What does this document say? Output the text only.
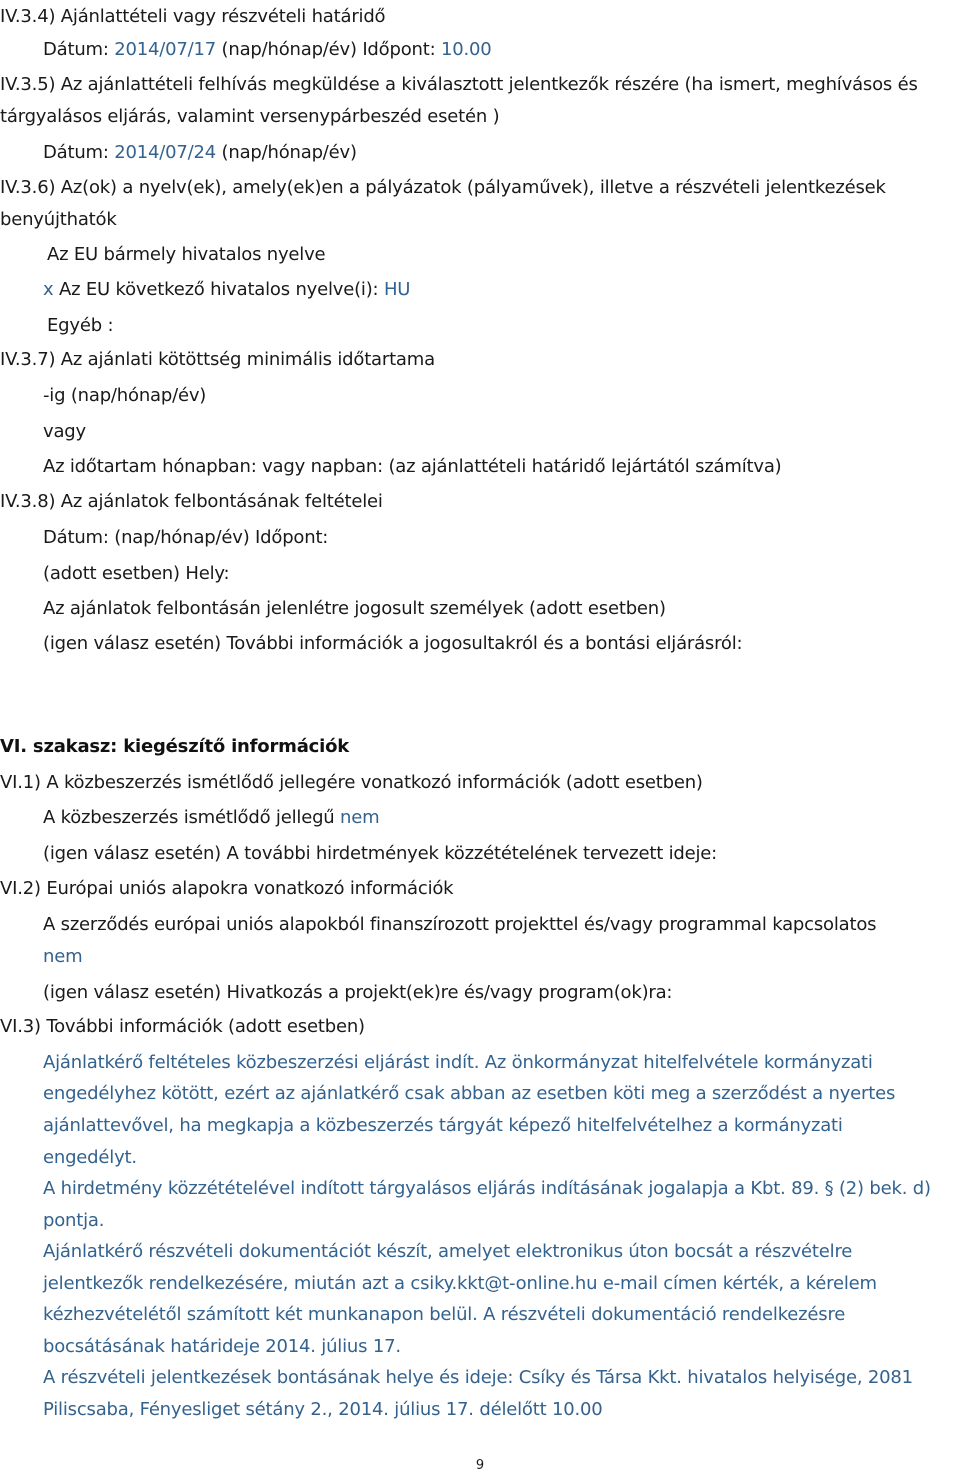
IV.3.4) Ajánlattételi vagy részvételi határidő

Dátum: 2014/07/17 (nap/hónap/év) Időpont: 10.00

IV.3.5) Az ajánlattételi felhívás megküldése a kiválasztott jelentkezők részére (ha ismert, meghívásos és

tárgyalásos eljárás, valamint versenypárbeszéd esetén )

Dátum: 2014/07/24 (nap/hónap/év)

IV.3.6) Az(ok) a nyelv(ek), amely(ek)en a pályázatok (pályaművek), illetve a részvételi jelentkezések

benyújthatók

Az EU bármely hivatalos nyelve

x Az EU következő hivatalos nyelve(i): HU

Egyéb :

IV.3.7) Az ajánlati kötöttség minimális időtartama

-ig (nap/hónap/év)

vagy

Az időtartam hónapban: vagy napban: (az ajánlattételi határidő lejártától számítva)

IV.3.8) Az ajánlatok felbontásának feltételei

Dátum: (nap/hónap/év) Időpont:

(adott esetben) Hely:

Az ajánlatok felbontásán jelenlétre jogosult személyek (adott esetben)

(igen válasz esetén) További információk a jogosultakról és a bontási eljárásról:

VI. szakasz: kiegészítő információk

VI.1) A közbeszerzés ismétlődő jellegére vonatkozó információk (adott esetben)

A közbeszerzés ismétlődő jellegű nem

(igen válasz esetén) A további hirdetmények közzétételének tervezett ideje:

VI.2) Európai uniós alapokra vonatkozó információk

A szerződés európai uniós alapokból finanszírozott projekttel és/vagy programmal kapcsolatos

nem

(igen válasz esetén) Hivatkozás a projekt(ek)re és/vagy program(ok)ra:

VI.3) További információk (adott esetben)

Ajánlatkérő feltételes közbeszerzési eljárást indít. Az önkormányzat hitelfelvétele kormányzati

engedélyhez kötött, ezért az ajánlatkérő csak abban az esetben köti meg a szerződést a nyertes

ajánlattevővel, ha megkapja a közbeszerzés tárgyát képező hitelfelvételhez a kormányzati

engedélyt.

A hirdetmény közzétételével indított tárgyalásos eljárás indításának jogalapja a Kbt. 89. § (2) bek. d)

pontja.

Ajánlatkérő részvételi dokumentációt készít, amelyet elektronikus úton bocsát a részvételre

jelentkezők rendelkezésére, miután azt a csiky.kkt@t-online.hu e-mail címen kérték, a kérelem

kézhezvételétől számított két munkanapon belül. A részvételi dokumentáció rendelkezésre

bocsátásának határideje 2014. július 17.

A részvételi jelentkezések bontásának helye és ideje: Csíky és Társa Kkt. hivatalos helyisége, 2081

Piliscsaba, Fényesliget sétány 2., 2014. július 17. délelőtt 10.00

9
